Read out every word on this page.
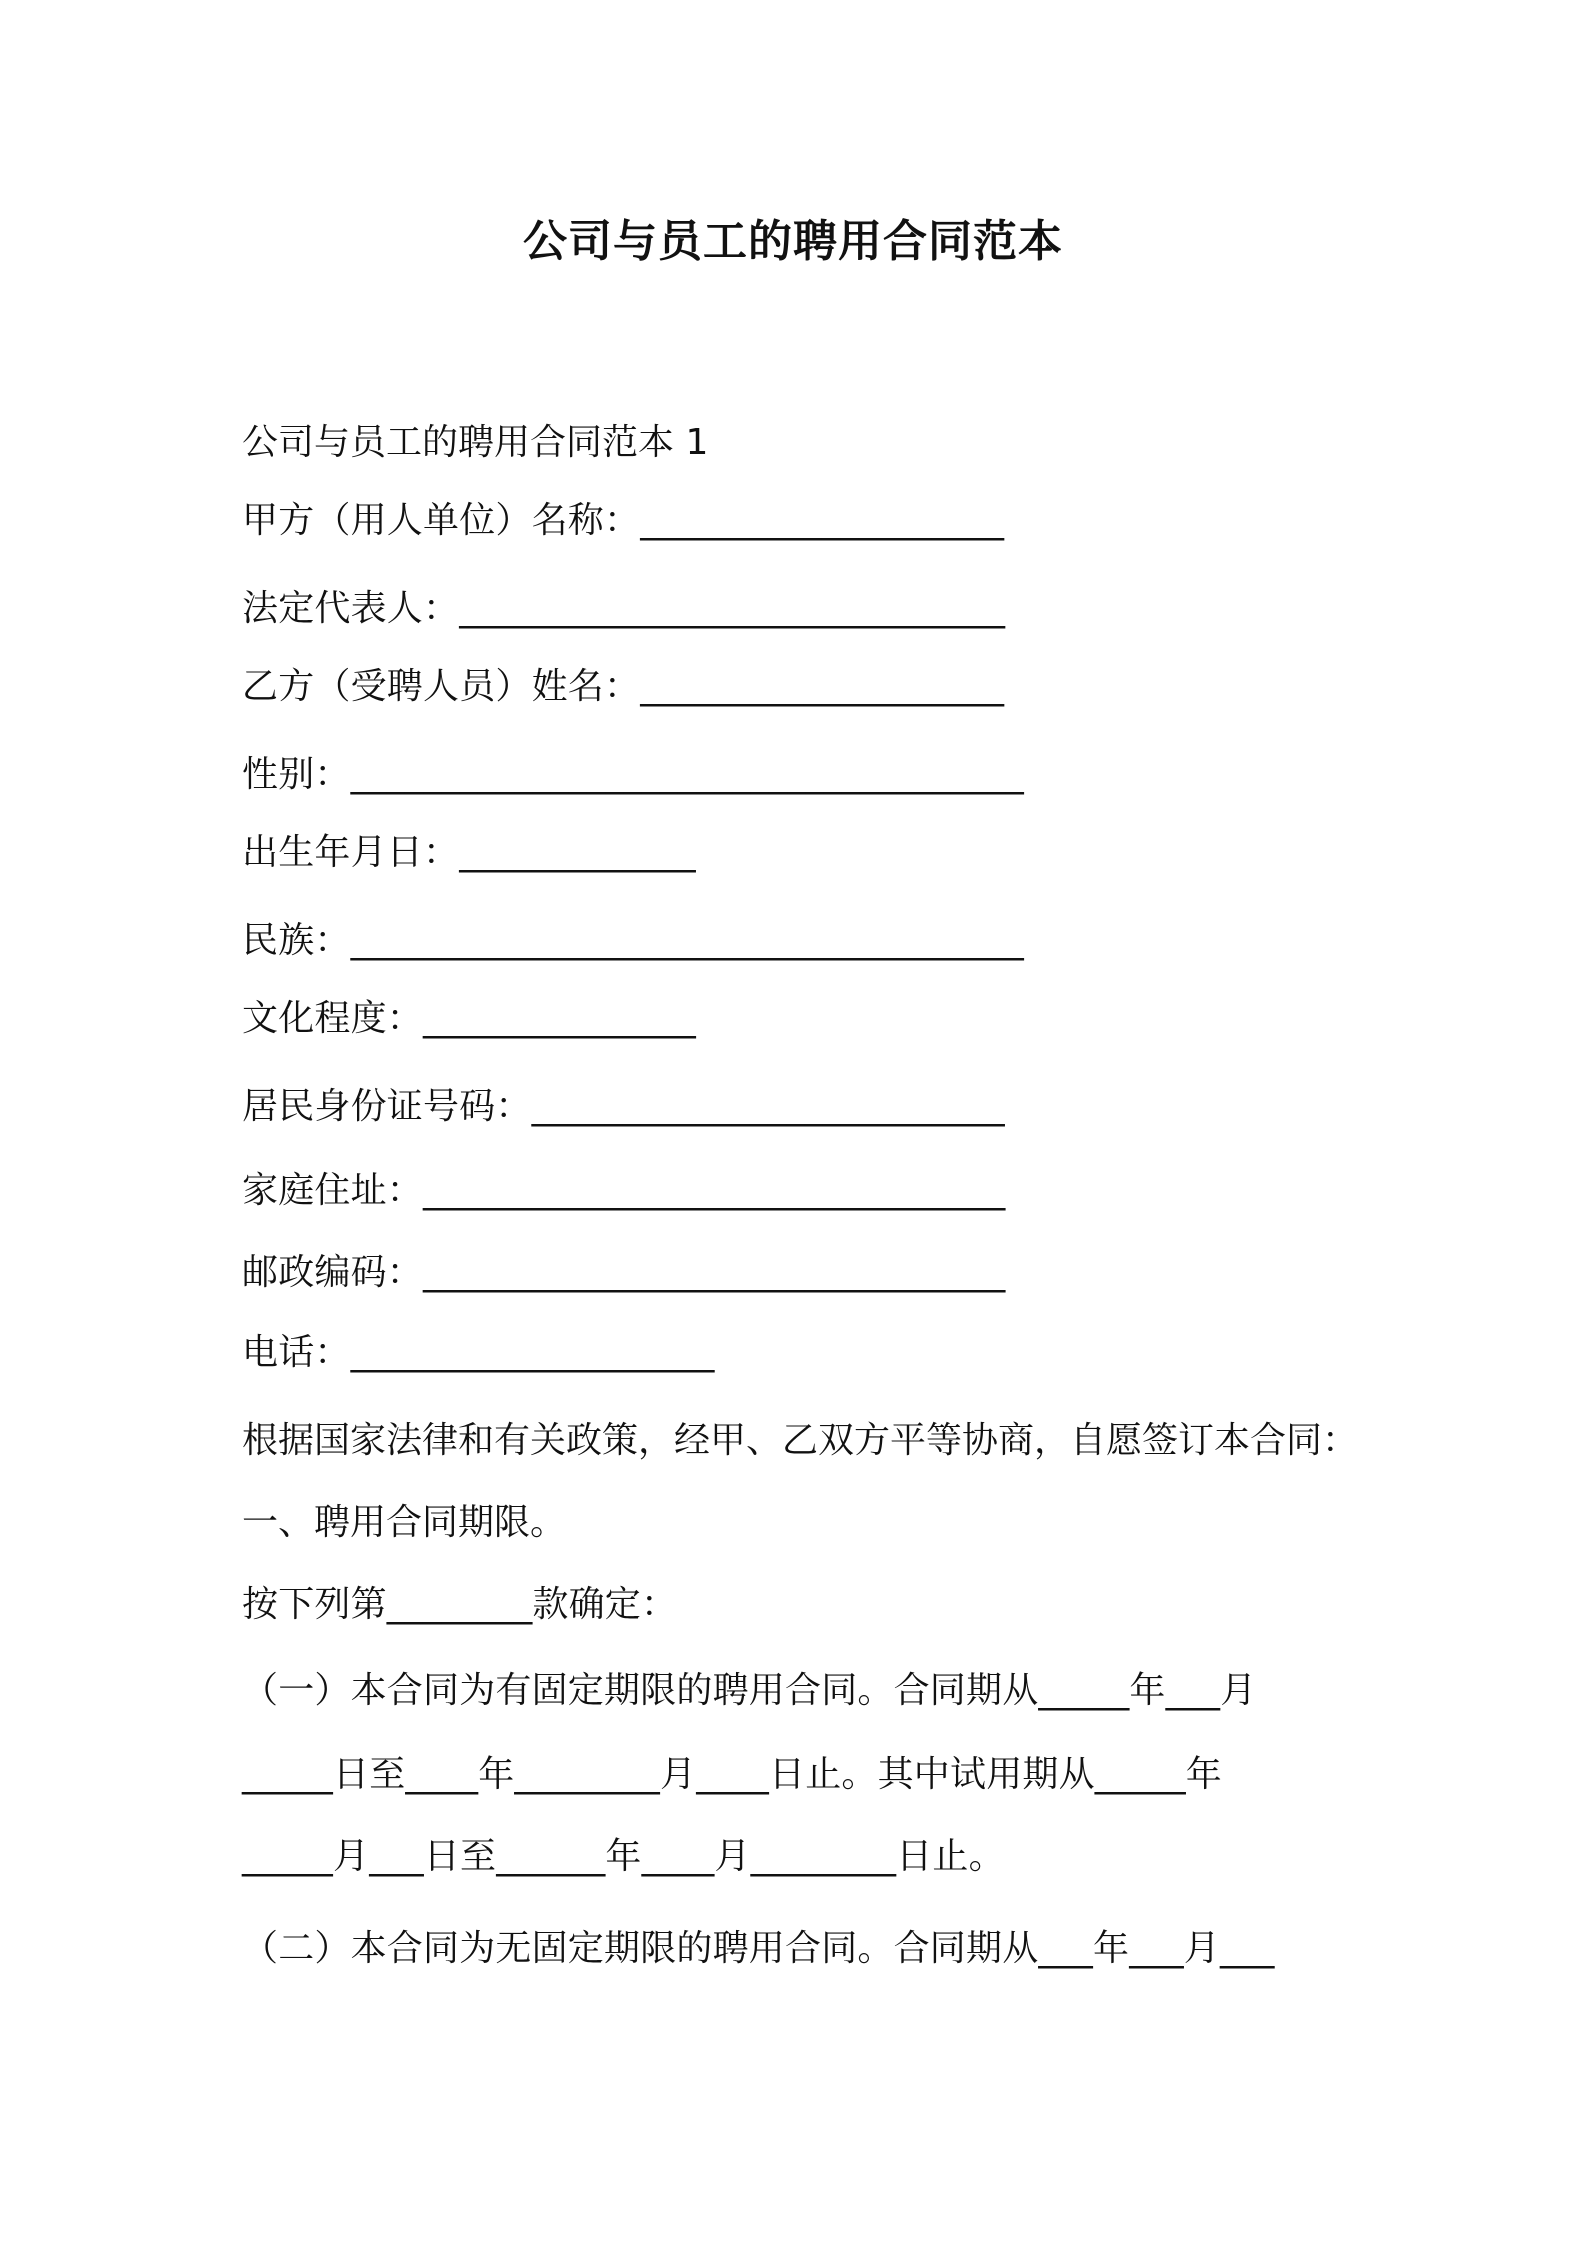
公司与员工的聘用合同范本
公司与员工的聘用合同范本 1
甲方（用人单位）名称：____________________
法定代表人：______________________________
乙方（受聘人员）姓名：____________________
性别：_____________________________________
出生年月日：_____________
民族：_____________________________________
文化程度：_______________
居民身份证号码：__________________________
家庭住址：________________________________
邮政编码：________________________________
电话：____________________
根据国家法律和有关政策，经甲、乙双方平等协商，自愿签订本合同：
一、聘用合同期限。
按下列第________款确定：
（一）本合同为有固定期限的聘用合同。合同期从_____年___月
_____日至____年________月____日止。其中试用期从_____年
_____月___日至______年____月________日止。
（二）本合同为无固定期限的聘用合同。合同期从___年___月___
